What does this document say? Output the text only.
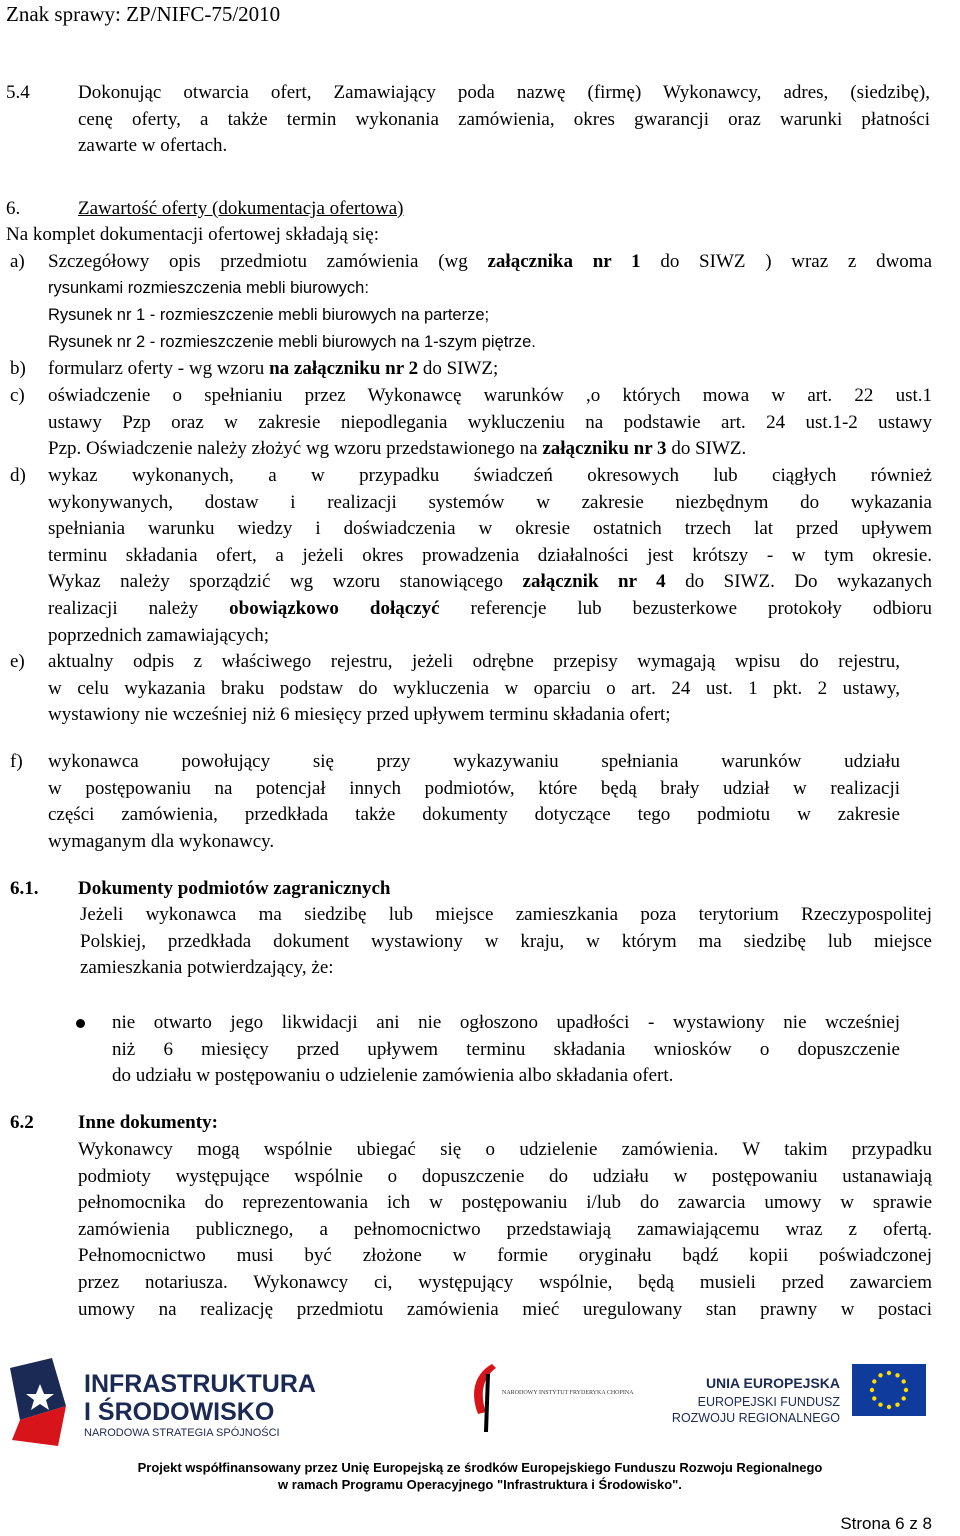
Znak sprawy: ZP/NIFC-75/2010
5.4	Dokonując otwarcia ofert, Zamawiający poda nazwę (firmę) Wykonawcy, adres, (siedzibę),
cenę oferty, a także termin wykonania zamówienia, okres gwarancji oraz warunki płatności
zawarte w ofertach.
6.	Zawartość oferty (dokumentacja ofertowa)
Na komplet dokumentacji ofertowej składają się:
a) Szczegółowy opis przedmiotu zamówienia (wg załącznika nr 1 do SIWZ ) wraz z dwoma
rysunkami rozmieszczenia mebli biurowych:
Rysunek nr 1 - rozmieszczenie mebli biurowych na parterze;
Rysunek nr 2 - rozmieszczenie mebli biurowych na 1-szym piętrze.
b) formularz oferty - wg wzoru na załączniku nr 2 do SIWZ;
c) oświadczenie o spełnianiu przez Wykonawcę warunków ,o których mowa w art. 22 ust.1
ustawy Pzp oraz w zakresie niepodlegania wykluczeniu na podstawie art. 24 ust.1-2 ustawy
Pzp. Oświadczenie należy złożyć wg wzoru przedstawionego na załączniku nr 3 do SIWZ.
d) wykaz wykonanych, a w przypadku świadczeń okresowych lub ciągłych również
wykonywanych, dostaw i realizacji systemów w zakresie niezbędnym do wykazania
spełniania warunku wiedzy i doświadczenia w okresie ostatnich trzech lat przed upływem
terminu składania ofert, a jeżeli okres prowadzenia działalności jest krótszy - w tym okresie.
Wykaz należy sporządzić wg wzoru stanowiącego załącznik nr 4 do SIWZ. Do wykazanych
realizacji należy obowiązkowo dołączyć referencje lub bezusterkowe protokoły odbioru
poprzednich zamawiających;
e) aktualny odpis z właściwego rejestru, jeżeli odrębne przepisy wymagają wpisu do rejestru,
w celu wykazania braku podstaw do wykluczenia w oparciu o art. 24 ust. 1 pkt. 2 ustawy,
wystawiony nie wcześniej niż 6 miesięcy przed upływem terminu składania ofert;
f) wykonawca powołujący się przy wykazywaniu spełniania warunków udziału
w postępowaniu na potencjał innych podmiotów, które będą brały udział w realizacji
części zamówienia, przedkłada także dokumenty dotyczące tego podmiotu w zakresie
wymaganym dla wykonawcy.
6.1. Dokumenty podmiotów zagranicznych
Jeżeli wykonawca ma siedzibę lub miejsce zamieszkania poza terytorium Rzeczypospolitej
Polskiej, przedkłada dokument wystawiony w kraju, w którym ma siedzibę lub miejsce
zamieszkania potwierdzający, że:
nie otwarto jego likwidacji ani nie ogłoszono upadłości - wystawiony nie wcześniej
niż 6 miesięcy przed upływem terminu składania wniosków o dopuszczenie
do udziału w postępowaniu o udzielenie zamówienia albo składania ofert.
6.2 Inne dokumenty:
Wykonawcy mogą wspólnie ubiegać się o udzielenie zamówienia. W takim przypadku
podmioty występujące wspólnie o dopuszczenie do udziału w postępowaniu ustanawiają
pełnomocnika do reprezentowania ich w postępowaniu i/lub do zawarcia umowy w sprawie
zamówienia publicznego, a pełnomocnictwo przedstawiają zamawiającemu wraz z ofertą.
Pełnomocnictwo musi być złożone w formie oryginału bądź kopii poświadczonej
przez notariusza. Wykonawcy ci, występujący wspólnie, będą musieli przed zawarciem
umowy na realizację przedmiotu zamówienia mieć uregulowany stan prawny w postaci
INFRASTRUKTURA
I ŚRODOWISKO
NARODOWA STRATEGIA SPÓJNOŚCI
NARODOWY INSTYTUT FRYDERYKA CHOPINA
UNIA EUROPEJSKA
EUROPEJSKI FUNDUSZ
ROZWOJU REGIONALNEGO
Projekt współfinansowany przez Unię Europejską ze środków Europejskiego Funduszu Rozwoju Regionalnego
w ramach Programu Operacyjnego "Infrastruktura i Środowisko".
Strona 6 z 8
